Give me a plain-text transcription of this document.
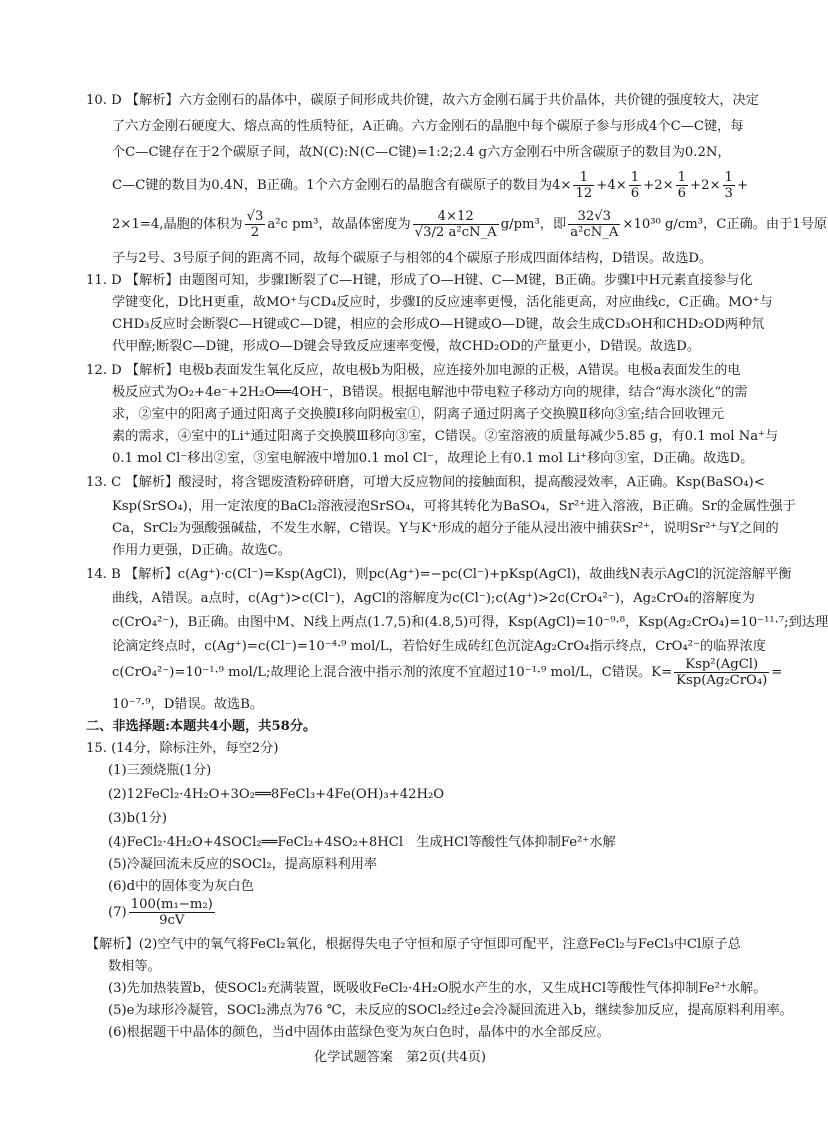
10. D 【解析】六方金刚石的晶体中，碳原子间形成共价键，故六方金刚石属于共价晶体，共价键的强度较大，决定
了六方金刚石硬度大、熔点高的性质特征，A正确。六方金刚石的晶胞中每个碳原子参与形成4个C—C键，每
个C—C键存在于2个碳原子间，故N(C):N(C—C键)=1:2;2.4 g六方金刚石中所含碳原子的数目为0.2N，
C—C键的数目为0.4N，B正确。1个六方金刚石的晶胞含有碳原子的数目为$4\times \frac{1}{12} +4\times \frac{1}{6} +2\times \frac{1}{6} +2\times \frac{1}{3}$ +
2×1=4,晶胞的体积为 $\frac{√3}{2} a^2c$ pm³，故晶体密度为 $\frac{4\times 12}{\text{√3/2 a²cN\_A}} g/pm^3$，即 $\frac{32√3}{\text{a²cN\_A}} \times 10^{30}$ g/cm³，C正确。由于1号原
子与2号、3号原子间的距离不同，故每个碳原子与相邻的4个碳原子形成四面体结构，D错误。故选D。
11. D 【解析】由题图可知，步骤Ⅰ断裂了C—H键，形成了O—H键、C—M键，B正确。步骤Ⅰ中H元素直接参与化
学键变化，D比H更重，故MO⁺与CD₄反应时，步骤Ⅰ的反应速率更慢，活化能更高，对应曲线c，C正确。MO⁺与
CHD₃反应时会断裂C—H键或C—D键，相应的会形成O—H键或O—D键，故会生成CD₃OH和CHD₂OD两种氘
代甲醇;断裂C—D键，形成O—D键会导致反应速率变慢，故CHD₂OD的产量更小，D错误。故选D。
12. D 【解析】电极b表面发生氧化反应，故电极b为阳极，应连接外加电源的正极，A错误。电极a表面发生的电
极反应式为O₂+4e⁻+2H₂O══4OH⁻，B错误。根据电解池中带电粒子移动方向的规律，结合“海水淡化”的需
求，②室中的阳离子通过阳离子交换膜Ⅰ移向阴极室①，阴离子通过阴离子交换膜Ⅱ移向③室;结合回收锂元
素的需求，④室中的Li⁺通过阳离子交换膜Ⅲ移向③室，C错误。②室溶液的质量每减少5.85 g，有0.1 mol Na⁺与
0.1 mol Cl⁻移出②室，③室电解液中增加0.1 mol Cl⁻，故理论上有0.1 mol Li⁺移向③室，D正确。故选D。
13. C 【解析】酸浸时，将含锶废渣粉碎研磨，可增大反应物间的接触面积，提高酸浸效率，A正确。Ksp(BaSO₄)<
Ksp(SrSO₄)，用一定浓度的BaCl₂溶液浸泡SrSO₄，可将其转化为BaSO₄，Sr²⁺进入溶液，B正确。Sr的金属性强于
Ca，SrCl₂为强酸强碱盐，不发生水解，C错误。Y与K⁺形成的超分子能从浸出液中捕获Sr²⁺，说明Sr²⁺与Y之间的
作用力更强，D正确。故选C。
14. B 【解析】c(Ag⁺)·c(Cl⁻)=Ksp(AgCl)，则pc(Ag⁺)=−pc(Cl⁻)+pKsp(AgCl)，故曲线N表示AgCl的沉淀溶解平衡
曲线，A错误。a点时，c(Ag⁺)>c(Cl⁻)，AgCl的溶解度为c(Cl⁻);c(Ag⁺)>2c(CrO₄²⁻)，Ag₂CrO₄的溶解度为
c(CrO₄²⁻)，B正确。由图中M、N线上两点(1.7,5)和(4.8,5)可得，Ksp(AgCl)=10⁻⁹·⁸，Ksp(Ag₂CrO₄)=10⁻¹¹·⁷;到达理
论滴定终点时，c(Ag⁺)=c(Cl⁻)=10⁻⁴·⁹ mol/L，若恰好生成砖红色沉淀Ag₂CrO₄指示终点，CrO₄²⁻的临界浓度
c(CrO₄²⁻)=10⁻¹·⁹ mol/L;故理论上混合液中指示剂的浓度不宜超过10⁻¹·⁹ mol/L，C错误。$K= \frac{\text{Ksp²(AgCl)}}{\text{Ksp(Ag₂CrO₄)}}$ =
10⁻⁷·⁹，D错误。故选B。
二、非选择题:本题共4小题，共58分。
15. (14分，除标注外，每空2分)
(1)三颈烧瓶(1分)
(2)12FeCl₂·4H₂O+3O₂══8FeCl₃+4Fe(OH)₃+42H₂O
(3)b(1分)
(4)FeCl₂·4H₂O+4SOCl₂══FeCl₂+4SO₂+8HCl　生成HCl等酸性气体抑制Fe²⁺水解
(5)冷凝回流未反应的SOCl₂，提高原料利用率
(6)d中的固体变为灰白色
$(7) \frac{\text{100(m₁−m₂)}}{9cV}$
【解析】(2)空气中的氧气将FeCl₂氧化，根据得失电子守恒和原子守恒即可配平，注意FeCl₂与FeCl₃中Cl原子总
数相等。
(3)先加热装置b，使SOCl₂充满装置，既吸收FeCl₂·4H₂O脱水产生的水，又生成HCl等酸性气体抑制Fe²⁺水解。
(5)e为球形冷凝管，SOCl₂沸点为76 ℃，未反应的SOCl₂经过e会冷凝回流进入b，继续参加反应，提高原料利用率。
(6)根据题干中晶体的颜色，当d中固体由蓝绿色变为灰白色时，晶体中的水全部反应。
化学试题答案　第2页(共4页)
